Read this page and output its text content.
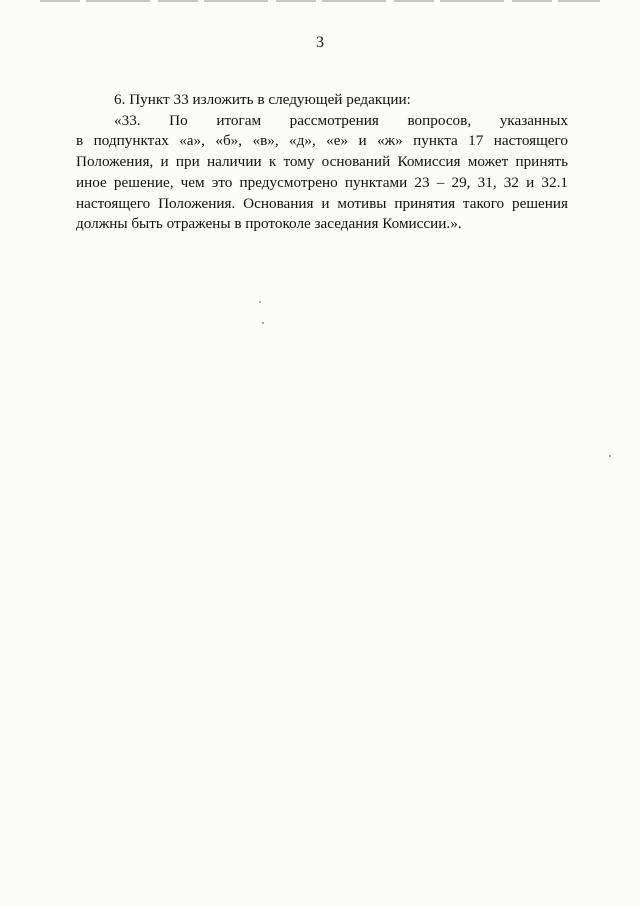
3
6. Пункт 33 изложить в следующей редакции:
«33. По итогам рассмотрения вопросов, указанных
в подпунктах «а», «б», «в», «д», «е» и «ж» пункта 17 настоящего
Положения, и при наличии к тому оснований Комиссия может принять
иное решение, чем это предусмотрено пунктами 23 – 29, 31, 32 и 32.1
настоящего Положения. Основания и мотивы принятия такого решения
должны быть отражены в протоколе заседания Комиссии.».
